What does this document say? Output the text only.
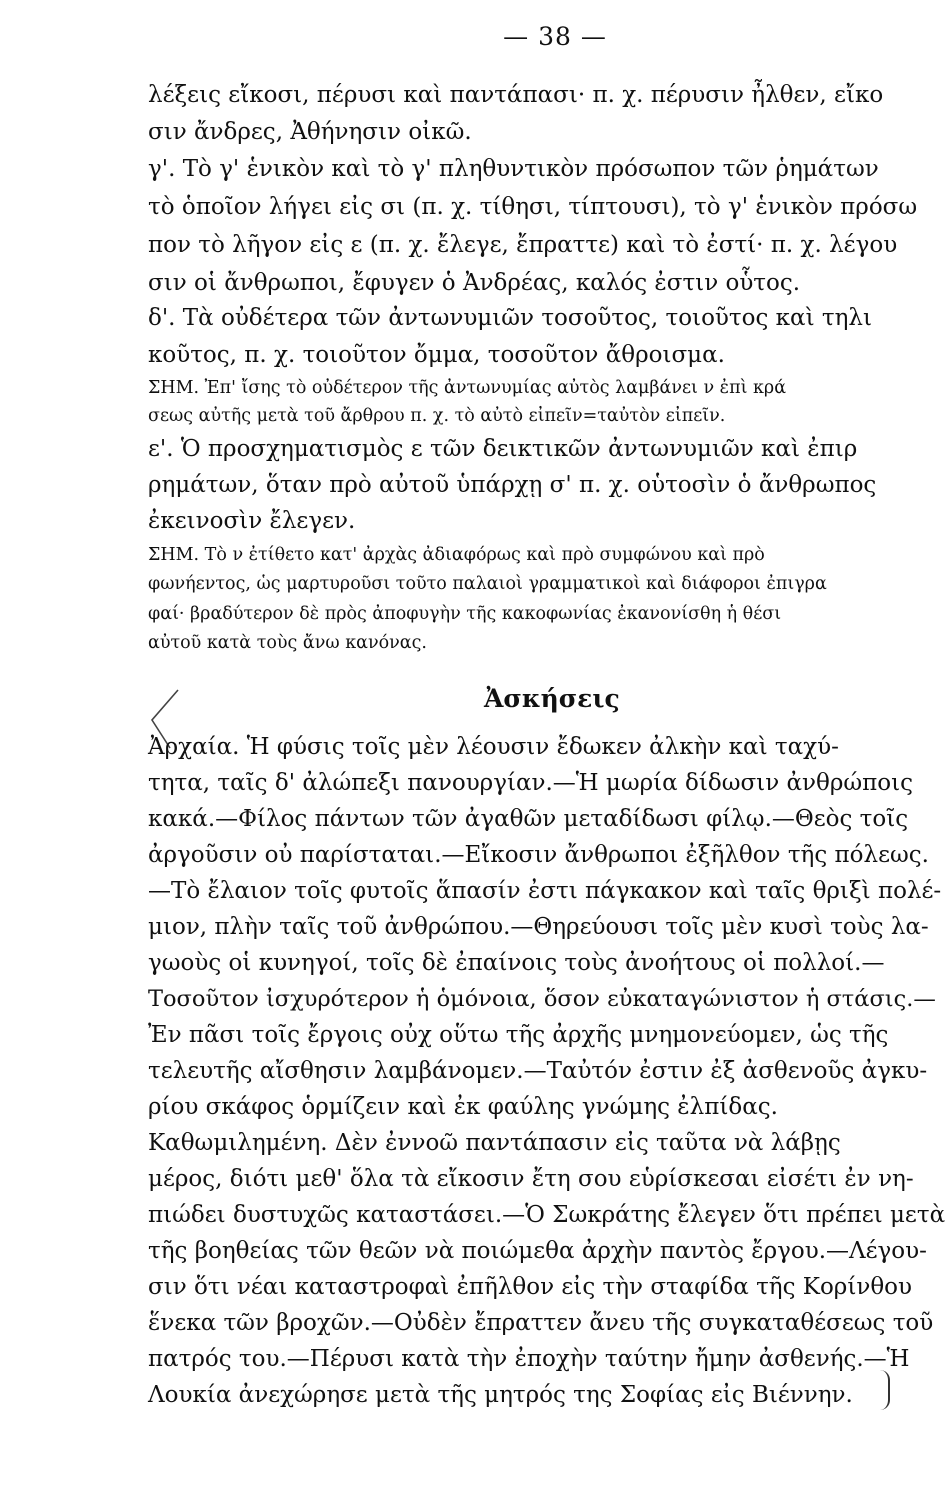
— 38 —
λέξεις εἴκοσι, πέρυσι καὶ παντάπασι· π. χ. πέρυσιν ἦλθεν, εἴκο
σιν ἄνδρες, Ἀθήνησιν οἰκῶ.
γ'. Τὸ γ' ἑνικὸν καὶ τὸ γ' πληθυντικὸν πρόσωπον τῶν ῥημάτων
τὸ ὁποῖον λήγει εἰς σι (π. χ. τίθησι, τίπτουσι), τὸ γ' ἑνικὸν πρόσω
πον τὸ λῆγον εἰς ε (π. χ. ἔλεγε, ἔπραττε) καὶ τὸ ἐστί· π. χ. λέγου
σιν οἱ ἄνθρωποι, ἔφυγεν ὁ Ἀνδρέας, καλός ἐστιν οὗτος.
δ'. Τὰ οὐδέτερα τῶν ἀντωνυμιῶν τοσοῦτος, τοιοῦτος καὶ τηλι
κοῦτος, π. χ. τοιοῦτον ὄμμα, τοσοῦτον ἄθροισμα.
ΣΗΜ. Ἐπ' ἴσης τὸ οὐδέτερον τῆς ἀντωνυμίας αὐτὸς λαμβάνει ν ἐπὶ κρά
σεως αὐτῆς μετὰ τοῦ ἄρθρου π. χ. τὸ αὐτὸ εἰπεῖν=ταὐτὸν εἰπεῖν.
ε'. Ὁ προσχηματισμὸς ε τῶν δεικτικῶν ἀντωνυμιῶν καὶ ἐπιρ
ρημάτων, ὅταν πρὸ αὐτοῦ ὑπάρχῃ σ' π. χ. οὑτοσὶν ὁ ἄνθρωπος
ἐκεινοσὶν ἔλεγεν.
ΣΗΜ. Τὸ ν ἐτίθετο κατ' ἀρχὰς ἀδιαφόρως καὶ πρὸ συμφώνου καὶ πρὸ
φωνήεντος, ὡς μαρτυροῦσι τοῦτο παλαιοὶ γραμματικοὶ καὶ διάφοροι ἐπιγρα
φαί· βραδύτερον δὲ πρὸς ἀποφυγὴν τῆς κακοφωνίας ἐκανονίσθη ἡ θέσι
αὐτοῦ κατὰ τοὺς ἄνω κανόνας.
Ἀσκήσεις
Ἀρχαία. Ἡ φύσις τοῖς μὲν λέουσιν ἔδωκεν ἀλκὴν καὶ ταχύ-
τητα, ταῖς δ' ἀλώπεξι πανουργίαν.—Ἡ μωρία δίδωσιν ἀνθρώποις
κακά.—Φίλος πάντων τῶν ἀγαθῶν μεταδίδωσι φίλῳ.—Θεὸς τοῖς
ἀργοῦσιν οὐ παρίσταται.—Εἴκοσιν ἄνθρωποι ἐξῆλθον τῆς πόλεως.
—Τὸ ἔλαιον τοῖς φυτοῖς ἅπασίν ἐστι πάγκακον καὶ ταῖς θριξὶ πολέ-
μιον, πλὴν ταῖς τοῦ ἀνθρώπου.—Θηρεύουσι τοῖς μὲν κυσὶ τοὺς λα-
γωοὺς οἱ κυνηγοί, τοῖς δὲ ἐπαίνοις τοὺς ἀνοήτους οἱ πολλοί.—
Τοσοῦτον ἰσχυρότερον ἡ ὁμόνοια, ὅσον εὐκαταγώνιστον ἡ στάσις.—
Ἐν πᾶσι τοῖς ἔργοις οὐχ οὕτω τῆς ἀρχῆς μνημονεύομεν, ὡς τῆς
τελευτῆς αἴσθησιν λαμβάνομεν.—Ταὐτόν ἐστιν ἐξ ἀσθενοῦς ἀγκυ-
ρίου σκάφος ὁρμίζειν καὶ ἐκ φαύλης γνώμης ἐλπίδας.
Καθωμιλημένη. Δὲν ἐννοῶ παντάπασιν εἰς ταῦτα νὰ λάβῃς
μέρος, διότι μεθ' ὅλα τὰ εἴκοσιν ἔτη σου εὑρίσκεσαι εἰσέτι ἐν νη-
πιώδει δυστυχῶς καταστάσει.—Ὁ Σωκράτης ἔλεγεν ὅτι πρέπει μετὰ
τῆς βοηθείας τῶν θεῶν νὰ ποιώμεθα ἀρχὴν παντὸς ἔργου.—Λέγου-
σιν ὅτι νέαι καταστροφαὶ ἐπῆλθον εἰς τὴν σταφίδα τῆς Κορίνθου
ἕνεκα τῶν βροχῶν.—Οὐδὲν ἔπραττεν ἄνευ τῆς συγκαταθέσεως τοῦ
πατρός του.—Πέρυσι κατὰ τὴν ἐποχὴν ταύτην ἤμην ἀσθενής.—Ἡ
Λουκία ἀνεχώρησε μετὰ τῆς μητρός της Σοφίας εἰς Βιέννην.
